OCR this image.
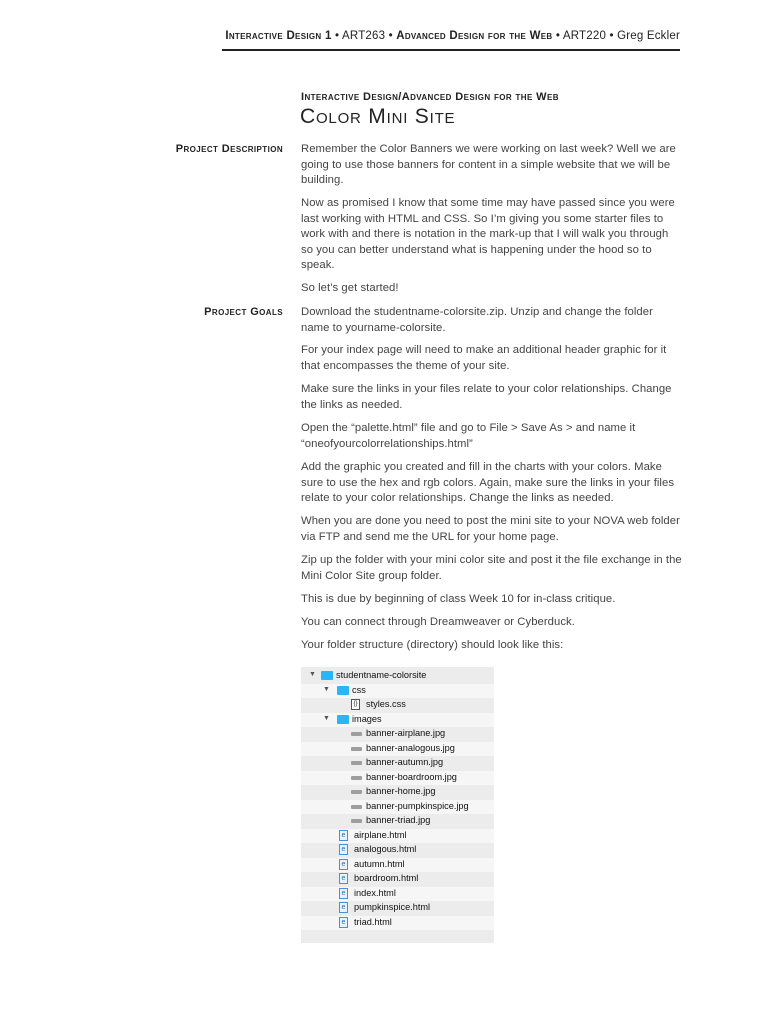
Interactive Design 1 • ART263 • Advanced Design for the Web • ART220 • Greg Eckler
Interactive Design/Advanced Design for the Web
Color Mini Site
Project Description Remember the Color Banners we were working on last week? Well we are going to use those banners for content in a simple website that we will be building.

Now as promised I know that some time may have passed since you were last working with HTML and CSS. So I’m giving you some starter files to work with and there is notation in the mark-up that I will walk you through so you can better understand what is happening under the hood so to speak.

So let’s get started!

Project Goals Download the studentname-colorsite.zip. Unzip and change the folder name to yourname-colorsite.

For your index page will need to make an additional header graphic for it that encompasses the theme of your site.

Make sure the links in your files relate to your color relationships. Change the links as needed.

Open the “palette.html” file and go to File > Save As > and name it “oneofyourcolorrelationships.html”

Add the graphic you created and fill in the charts with your colors. Make sure to use the hex and rgb colors. Again, make sure the links in your files relate to your color relationships. Change the links as needed.

When you are done you need to post the mini site to your NOVA web folder via FTP and send me the URL for your home page.

Zip up the folder with your mini color site and post it the file exchange in the Mini Color Site group folder.

This is due by beginning of class Week 10 for in-class critique.

You can connect through Dreamweaver or Cyberduck.

Your folder structure (directory) should look like this:

▼ studentname-colorsite
▼ css
{} styles.css
▼ images
banner-airplane.jpg
banner-analogous.jpg
banner-autumn.jpg
banner-boardroom.jpg
banner-home.jpg
banner-pumpkinspice.jpg
banner-triad.jpg
e airplane.html
e analogous.html
e autumn.html
e boardroom.html
e index.html
e pumpkinspice.html
e triad.html
